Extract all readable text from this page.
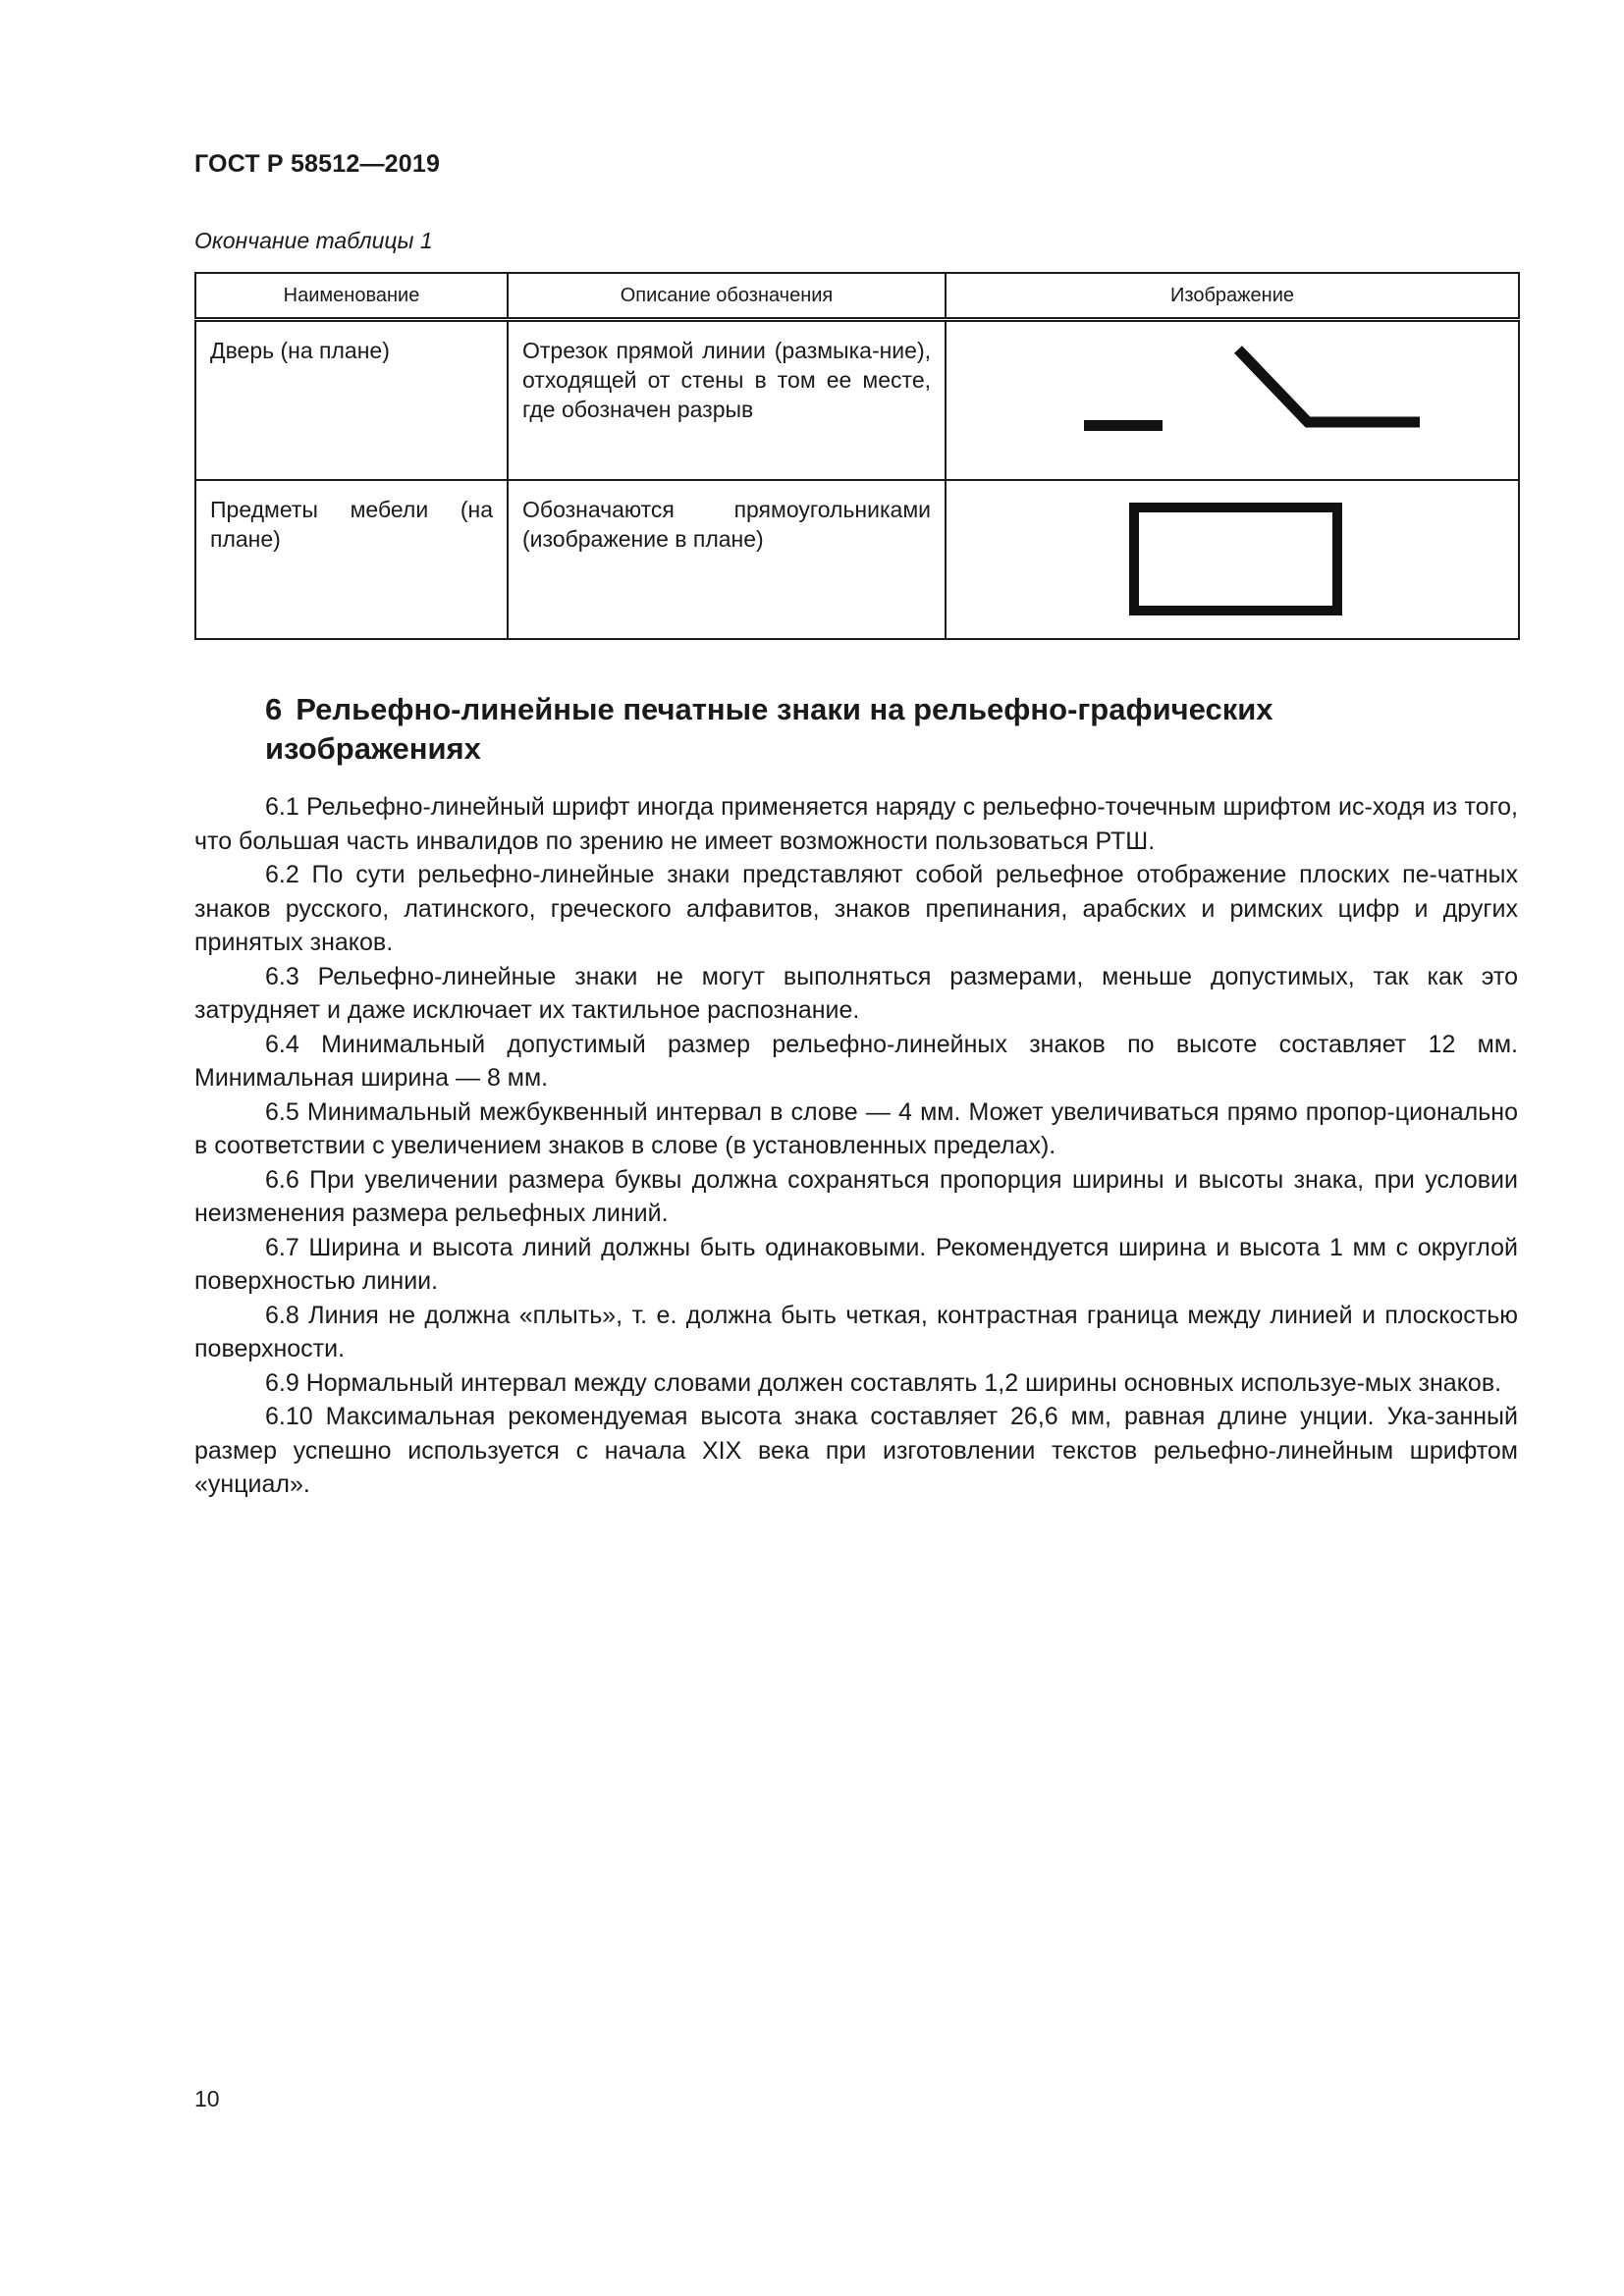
ГОСТ Р 58512—2019
Окончание таблицы 1
Наименование	Описание обозначения	Изображение
Дверь (на плане)	Отрезок прямой линии (размыка-ние), отходящей от стены в том ее месте, где обозначен разрыв	

Предметы мебели (на плане)	Обозначаются прямоугольниками (изображение в плане)	
6 Рельефно-линейные печатные знаки на рельефно-графических изображениях

6.1 Рельефно-линейный шрифт иногда применяется наряду с рельефно-точечным шрифтом ис-ходя из того, что большая часть инвалидов по зрению не имеет возможности пользоваться РТШ.

6.2 По сути рельефно-линейные знаки представляют собой рельефное отображение плоских пе-чатных знаков русского, латинского, греческого алфавитов, знаков препинания, арабских и римских цифр и других принятых знаков.

6.3 Рельефно-линейные знаки не могут выполняться размерами, меньше допустимых, так как это затрудняет и даже исключает их тактильное распознание.

6.4 Минимальный допустимый размер рельефно-линейных знаков по высоте составляет 12 мм. Минимальная ширина — 8 мм.

6.5 Минимальный межбуквенный интервал в слове — 4 мм. Может увеличиваться прямо пропор-ционально в соответствии с увеличением знаков в слове (в установленных пределах).

6.6 При увеличении размера буквы должна сохраняться пропорция ширины и высоты знака, при условии неизменения размера рельефных линий.

6.7 Ширина и высота линий должны быть одинаковыми. Рекомендуется ширина и высота 1 мм с округлой поверхностью линии.

6.8 Линия не должна «плыть», т. е. должна быть четкая, контрастная граница между линией и плоскостью поверхности.

6.9 Нормальный интервал между словами должен составлять 1,2 ширины основных используе-мых знаков.

6.10 Максимальная рекомендуемая высота знака составляет 26,6 мм, равная длине унции. Ука-занный размер успешно используется с начала XIX века при изготовлении текстов рельефно-линейным шрифтом «унциал».

10
